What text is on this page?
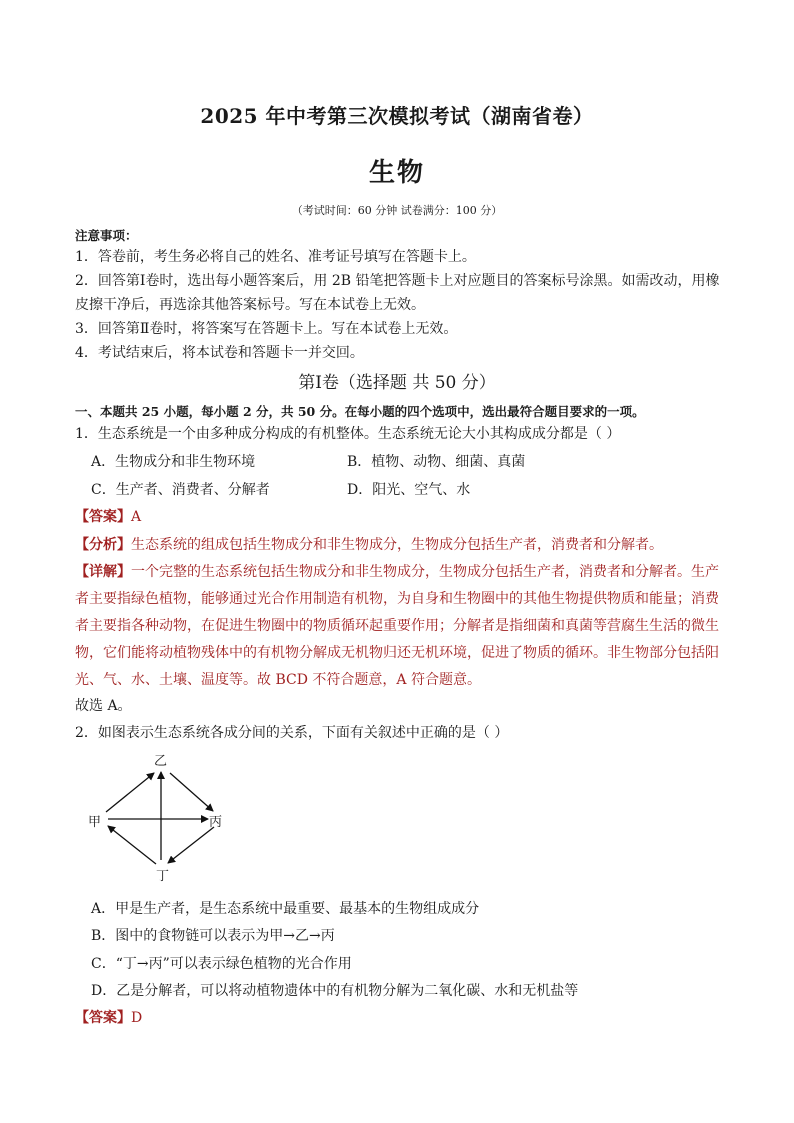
2025 年中考第三次模拟考试（湖南省卷）
生物
（考试时间：60 分钟 试卷满分：100 分）
注意事项：
1．答卷前，考生务必将自己的姓名、准考证号填写在答题卡上。
2．回答第Ⅰ卷时，选出每小题答案后，用 2B 铅笔把答题卡上对应题目的答案标号涂黑。如需改动，用橡
皮擦干净后，再选涂其他答案标号。写在本试卷上无效。
3．回答第Ⅱ卷时，将答案写在答题卡上。写在本试卷上无效。
4．考试结束后，将本试卷和答题卡一并交回。
第Ⅰ卷（选择题 共 50 分）
一、本题共 25 小题，每小题 2 分，共 50 分。在每小题的四个选项中，选出最符合题目要求的一项。
1．生态系统是一个由多种成分构成的有机整体。生态系统无论大小其构成成分都是（ ）
A．生物成分和非生物环境	B．植物、动物、细菌、真菌
C．生产者、消费者、分解者	D．阳光、空气、水
【答案】A
【分析】生态系统的组成包括生物成分和非生物成分，生物成分包括生产者，消费者和分解者。
【详解】一个完整的生态系统包括生物成分和非生物成分，生物成分包括生产者，消费者和分解者。生产
者主要指绿色植物，能够通过光合作用制造有机物，为自身和生物圈中的其他生物提供物质和能量；消费
者主要指各种动物，在促进生物圈中的物质循环起重要作用；分解者是指细菌和真菌等营腐生生活的微生
物，它们能将动植物残体中的有机物分解成无机物归还无机环境，促进了物质的循环。非生物部分包括阳
光、气、水、土壤、温度等。故 BCD 不符合题意，A 符合题意。
故选 A。
2．如图表示生态系统各成分间的关系，下面有关叙述中正确的是（ ）
乙
甲	丙
丁
A．甲是生产者，是生态系统中最重要、最基本的生物组成成分
B．图中的食物链可以表示为甲→乙→丙
C．“丁→丙”可以表示绿色植物的光合作用
D．乙是分解者，可以将动植物遗体中的有机物分解为二氧化碳、水和无机盐等
【答案】D
